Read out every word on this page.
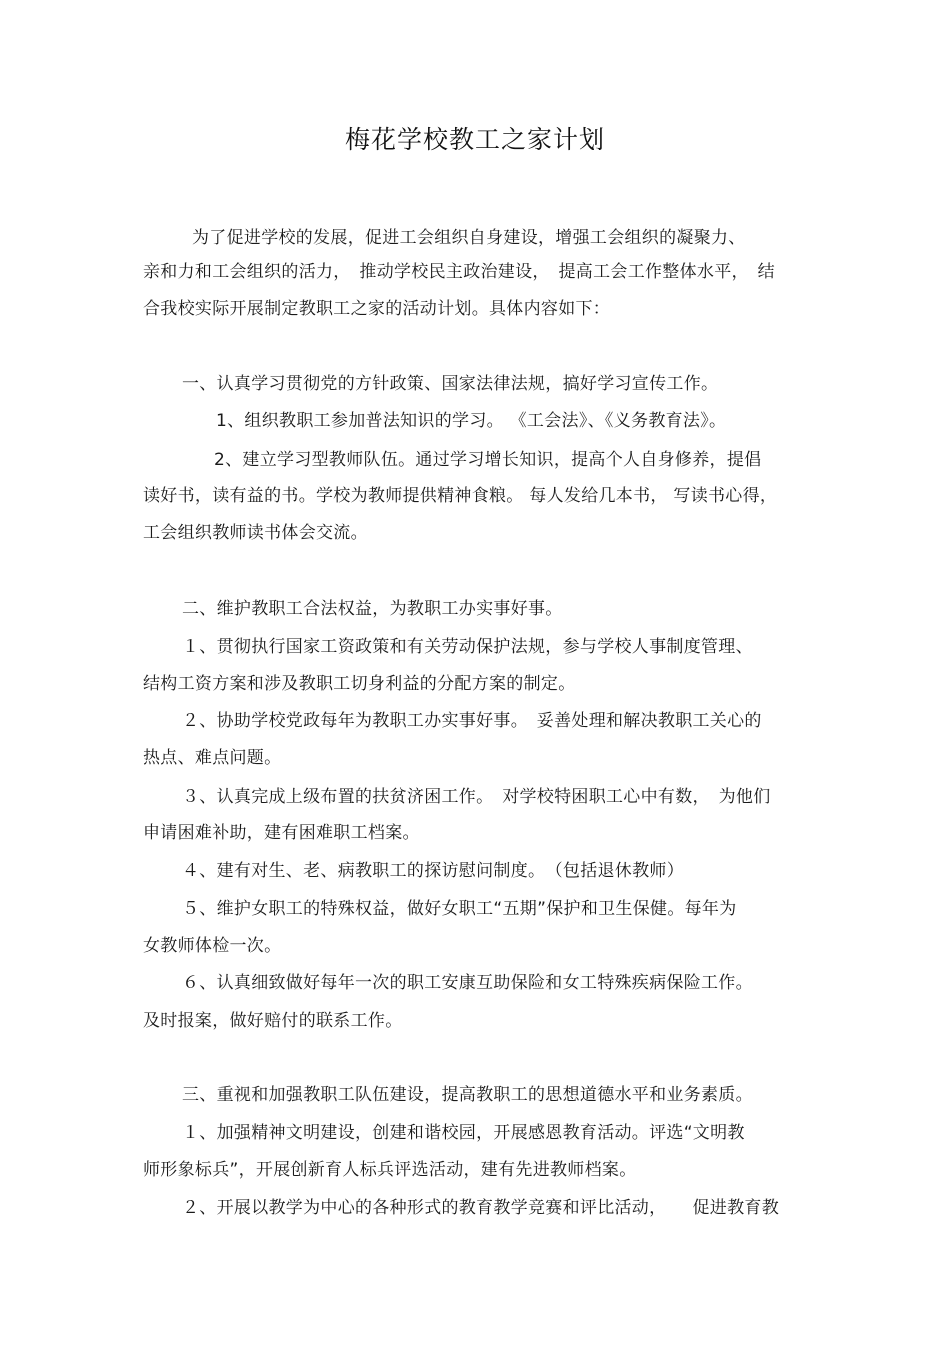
梅花学校教工之家计划
为了促进学校的发展，促进工会组织自身建设，增强工会组织的凝聚力、
亲和力和工会组织的活力，　推动学校民主政治建设，　提高工会工作整体水平，　结
合我校实际开展制定教职工之家的活动计划。具体内容如下：
一、认真学习贯彻党的方针政策、国家法律法规，搞好学习宣传工作。
1、组织教职工参加普法知识的学习。 《工会法》、《义务教育法》。
2、建立学习型教师队伍。通过学习增长知识，提高个人自身修养，提倡
读好书，读有益的书。学校为教师提供精神食粮。 每人发给几本书， 写读书心得，
工会组织教师读书体会交流。
二、维护教职工合法权益，为教职工办实事好事。
１、贯彻执行国家工资政策和有关劳动保护法规，参与学校人事制度管理、
结构工资方案和涉及教职工切身利益的分配方案的制定。
２、协助学校党政每年为教职工办实事好事。　妥善处理和解决教职工关心的
热点、难点问题。
３、认真完成上级布置的扶贫济困工作。　对学校特困职工心中有数，　为他们
申请困难补助，建有困难职工档案。
４、建有对生、老、病教职工的探访慰问制度。　（包括退休教师）
５、维护女职工的特殊权益，做好女职工“五期”保护和卫生保健。每年为
女教师体检一次。
６、认真细致做好每年一次的职工安康互助保险和女工特殊疾病保险工作。
及时报案，做好赔付的联系工作。
三、重视和加强教职工队伍建设，提高教职工的思想道德水平和业务素质。
１、加强精神文明建设，创建和谐校园，开展感恩教育活动。评选“文明教
师形象标兵”，开展创新育人标兵评选活动，建有先进教师档案。
２、开展以教学为中心的各种形式的教育教学竞赛和评比活动，　　促进教育教
